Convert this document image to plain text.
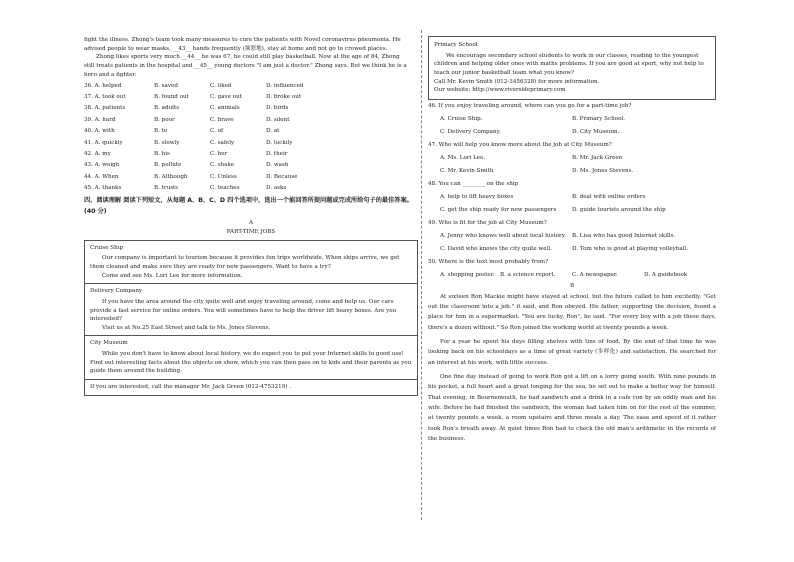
fight the illness. Zhong's team took many measures to cure the patients with Novel coronavirus pneumonia. He

advised people to wear masks, __43__ hands frequently (频繁地), stay at home and not go to crowed places.

Zhong likes sports very much __44__ he was 67, he could still play basketball. Now at the age of 84, Zhong

still treats patients in the hospital and __45__ young doctors "I am just a doctor." Zhong says. But we think he is a

hero and a fighter.

36. A. helped	B. saved	C. liked	D. influenced
37. A. took out	B. found out	C. gave out	D. broke out
38. A. patients	B. adults	C. animals	D. birds
39. A. hard	B. poor	C. brave	D. silent
40. A. with	B. to	C. of	D. at
41. A. quickly	B. slowly	C. safely	D. luckily
42. A. my	B. his	C. her	D. their
43. A. weigh	B. pollute	C. shake	D. wash
44. A. When	B. Although	C. Unless	D. Because
45. A. thanks	B. trusts	C. teaches	D. asks
四、阅读理解 阅读下列短文，从每题 A、B、C、D 四个选项中，选出一个能回答所提问题或完成所给句子的最佳答案。(40 分)
A
PART-TIME JOBS
Cruise Ship

Our company is important to tourism because it provides fun trips worldwide. When ships arrive, we get them cleaned and make sure they are ready for new passengers. Want to have a try?

Come and see Ms. Lori Lee for more information.

Delivery Company

If you have the area around the city quite well and enjoy traveling around, come and help us. Our cars provide a fast service for online orders. You will sometimes have to help the driver lift heavy boxes. Are you interested?

Visit us at No.25 East Street and talk to Ms. Jones Stevens.

City Museum

While you don't have to know about local history, we do expect you to put your Internet skills to good use! Find out interesting facts about the objects on show, which you can then pass on to kids and their parents as you guide them around the building.

If you are interested, call the manager Mr. Jack Green (012-4753219) .

Primary School

We encourage secondary school students to work in our classes, reading to the youngest children and helping older ones with maths problems. If you are good at sport, why not help to teach our junior basketball team what you know?

Call Mr. Kevin Smith (012-3456328) for more information.

Our website: http://www.riversideprimary.com

46. If you enjoy traveling around, where can you go for a part-time job?
A. Cruise Ship.	B. Primary School.
C. Delivery Company.	D. City Museum.
47. Who will help you know more about the job at City Museum?
A. Ms. Lori Lee.	B. Mr. Jack Green
C. Mr. Kevin Smith	D. Ms. Jones Stevens.
48. You can ________ on the ship
A. help to lift heavy boxes	B. deal with online orders
C. get the ship ready for new passengers	D. guide tourists around the ship
49. Who is fit for the job at City Museum?
A. Jenny who knows well about local history.	B. Lisa who has good Internet skills.
C. David who knows the city quite well.	D. Tom who is good at playing volleyball.
50. Where is the text most probably from?
A. shopping poster. B. a science report.	C. A newspaper.	D. A guidebook
B

At sixteen Ron Mackie might have stayed at school, but the future called to him excitedly. "Get out the classroom into a job." it said, and Ron obeyed. His father, supporting the decision, found a place for him in a supermarket. "You are lucky, Ron", he said. "For every boy with a job these days, there's a dozen without." So Ron joined the working world at twenty pounds a week.

For a year he spent his days filling shelves with tins of food. By the end of that time he was looking back on his schooldays as a time of great variety (多样化) and satisfaction. He searched for an interest at his work, with little success.

One fine day instead of going to work Ron got a lift on a lorry going south. With nine pounds in his pocket, a full heart and a great longing for the sea, he set out to make a better way for himself. That evening, in Bournemouth, he had sandwich and a drink in a cafe run by an oddly man and his wife. Before he had finished the sandwich, the woman had taken him on for the rest of the summer, at twenty pounds a week, a room upstairs and three meals a day. The ease and speed of it rather took Ron's breath away. At quiet times Ron had to check the old man's arithmetic in the records of the business.
